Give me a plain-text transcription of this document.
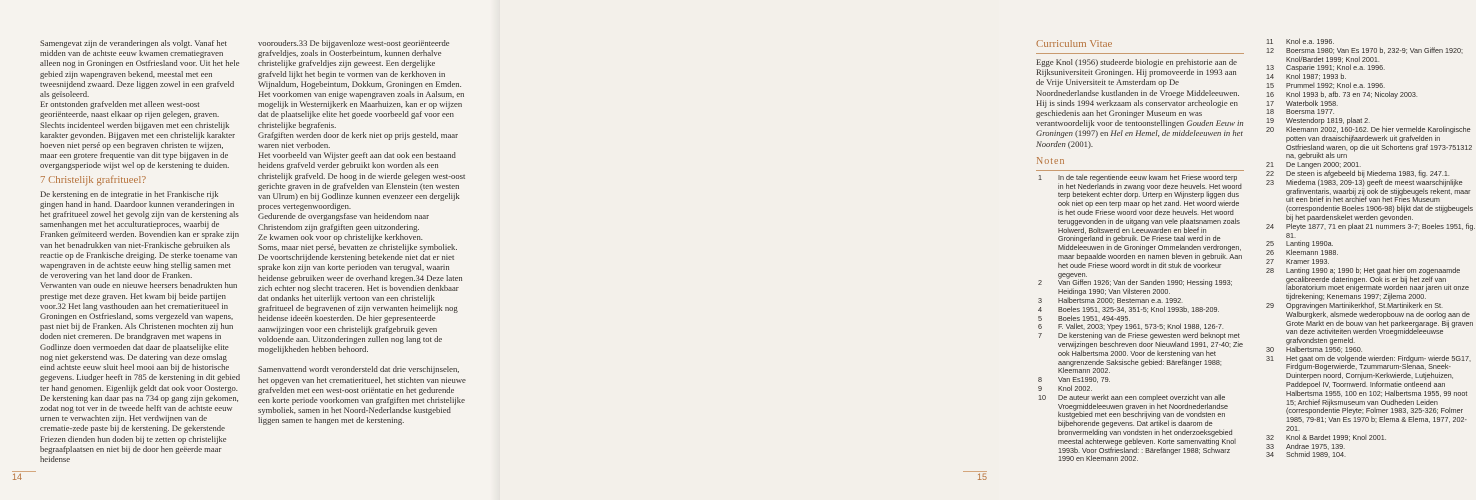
Samengevat zijn de veranderingen als volgt. Vanaf het midden van de achtste eeuw kwamen crematiegraven alleen nog in Groningen en Ostfriesland voor. Uit het hele gebied zijn wapengraven bekend, meestal met een tweesnijdend zwaard. Deze liggen zowel in een grafveld als geïsoleerd.

Er ontstonden grafvelden met alleen west-oost georiënteerde, naast elkaar op rijen gelegen, graven. Slechts incidenteel werden bijgaven met een christelijk karakter gevonden. Bijgaven met een christelijk karakter hoeven niet persé op een begraven christen te wijzen, maar een grotere frequentie van dit type bijgaven in de overgangsperiode wijst wel op de kerstening te duiden.

7 Christelijk grafritueel?

De kerstening en de integratie in het Frankische rijk gingen hand in hand. Daardoor kunnen veranderingen in het grafritueel zowel het gevolg zijn van de kerstening als samenhangen met het acculturatieproces, waarbij de Franken geïmiteerd werden. Bovendien kan er sprake zijn van het benadrukken van niet-Frankische gebruiken als reactie op de Frankische dreiging. De sterke toename van wapengraven in de achtste eeuw hing stellig samen met de verovering van het land door de Franken.

Verwanten van oude en nieuwe heersers benadrukten hun prestige met deze graven. Het kwam bij beide partijen voor.32 Het lang vasthouden aan het crematieritueel in Groningen en Ostfriesland, soms vergezeld van wapens, past niet bij de Franken. Als Christenen mochten zij hun doden niet cremeren. De brandgraven met wapens in Godlinze doen vermoeden dat daar de plaatselijke elite nog niet gekerstend was. De datering van deze omslag eind achtste eeuw sluit heel mooi aan bij de historische gegevens. Liudger heeft in 785 de kerstening in dit gebied ter hand genomen. Eigenlijk geldt dat ook voor Oostergo. De kerstening kan daar pas na 734 op gang zijn gekomen, zodat nog tot ver in de tweede helft van de achtste eeuw urnen te verwachten zijn. Het verdwijnen van de crematie-zede paste bij de kerstening. De gekerstende Friezen dienden hun doden bij te zetten op christelijke begraafplaatsen en niet bij de door hen geëerde maar heidense

voorouders.33 De bijgavenloze west-oost georiënteerde grafveldjes, zoals in Oosterbeintum, kunnen derhalve christelijke grafveldjes zijn geweest. Een dergelijke grafveld lijkt het begin te vormen van de kerkhoven in Wijnaldum, Hogebeintum, Dokkum, Groningen en Emden. Het voorkomen van enige wapengraven zoals in Aalsum, en mogelijk in Westernijkerk en Maarhuizen, kan er op wijzen dat de plaatselijke elite het goede voorbeeld gaf voor een christelijke begrafenis.

Grafgiften werden door de kerk niet op prijs gesteld, maar waren niet verboden.

Het voorbeeld van Wijster geeft aan dat ook een bestaand heidens grafveld verder gebruikt kon worden als een christelijk grafveld. De hoog in de wierde gelegen west-oost gerichte graven in de grafvelden van Elenstein (ten westen van Ulrum) en bij Godlinze kunnen evenzeer een dergelijk proces vertegenwoordigen.

Gedurende de overgangsfase van heidendom naar Christendom zijn grafgiften geen uitzondering.

Ze kwamen ook voor op christelijke kerkhoven.

Soms, maar niet persé, bevatten ze christelijke symboliek. De voortschrijdende kerstening betekende niet dat er niet sprake kon zijn van korte perioden van terugval, waarin heidense gebruiken weer de overhand kregen.34 Deze laten zich echter nog slecht traceren. Het is bovendien denkbaar dat ondanks het uiterlijk vertoon van een christelijk grafritueel de begravenen of zijn verwanten heimelijk nog heidense ideeën koesterden. De hier gepresenteerde aanwijzingen voor een christelijk grafgebruik geven voldoende aan. Uitzonderingen zullen nog lang tot de mogelijkheden hebben behoord.

Samenvattend wordt verondersteld dat drie verschijnselen, het opgeven van het crematieritueel, het stichten van nieuwe grafvelden met een west-oost oriëntatie en het gedurende een korte periode voorkomen van grafgiften met christelijke symboliek, samen in het Noord-Nederlandse kustgebied liggen samen te hangen met de kerstening.

14
Curriculum Vitae

Egge Knol (1956) studeerde biologie en prehistorie aan de Rijksuniversiteit Groningen. Hij promoveerde in 1993 aan de Vrije Universiteit te Amsterdam op De Noordnederlandse kustlanden in de Vroege Middeleeuwen. Hij is sinds 1994 werkzaam als conservator archeologie en geschiedenis aan het Groninger Museum en was verantwoordelijk voor de tentoonstellingen Gouden Eeuw in Groningen (1997) en Hel en Hemel, de middeleeuwen in het Noorden (2001).

Noten
1	In de tale regentiende eeuw kwam het Friese woord terp in het Nederlands in zwang voor deze heuvels. Het woord terp betekent echter dorp. Urterp en Wijnsterp liggen dus ook niet op een terp maar op het zand. Het woord wierde is het oude Friese woord voor deze heuvels. Het woord teruggevonden in de uitgang van vele plaatsnamen zoals Holwerd, Boltswerd en Leeuwarden en bleef in Groningerland in gebruik. De Friese taal werd in de Middeleeuwen in de Groninger Ommelanden verdrongen, maar bepaalde woorden en namen bleven in gebruik. Aan het oude Friese woord wordt in dit stuk de voorkeur gegeven.
2	Van Giffen 1926; Van der Sanden 1990; Hessing 1993; Heidinga 1990; Van Vilsteren 2000.
3	Halbertsma 2000; Besteman e.a. 1992.
4	Boeles 1951, 325-34, 351-5; Knol 1993b, 188-209.
5	Boeles 1951, 494-495.
6	F. Vallet, 2003; Ypey 1961, 573-5; Knol 1988, 126-7.
7	De kerstening van de Friese gewesten werd beknopt met verwijzingen beschreven door Nieuwland 1991, 27-40; Zie ook Halbertsma 2000. Voor de kerstening van het aangrenzende Saksische gebied: Bärefänger 1988; Kleemann 2002.
8	Van Es1990, 79.
9	Knol 2002.
10	De auteur werkt aan een compleet overzicht van alle Vroegmiddeleeuwen graven in het Noordnederlandse kustgebied met een beschrijving van de vondsten en bijbehorende gegevens. Dat artikel is daarom de bronvermelding van vondsten in het onderzoeksgebied meestal achterwege gebleven. Korte samenvatting Knol 1993b. Voor Ostfriesland: : Bärefänger 1988; Schwarz 1990 en Kleemann 2002.
11	Knol e.a. 1996.
12	Boersma 1980; Van Es 1970 b, 232-9; Van Giffen 1920; Knol/Bardet 1999; Knol 2001.
13	Casparie 1991; Knol e.a. 1996.
14	Knol 1987; 1993 b.
15	Prummel 1992; Knol e.a. 1996.
16	Knol 1993 b, afb. 73 en 74; Nicolay 2003.
17	Waterbolk 1958.
18	Boersma 1977.
19	Westendorp 1819, plaat 2.
20	Kleemann 2002, 160-162. De hier vermelde Karolingische potten van draaischijfaardewerk uit grafvelden in Ostfriesland waren, op die uit Schortens graf 1973-751312 na, gebruikt als urn
21	De Langen 2000; 2001.
22	De steen is afgebeeld bij Miedema 1983, fig. 247.1.
23	Miedema (1983, 209-13) geeft de meest waarschijnlijke grafinventaris, waarbij zij ook de stijgbeugels rekent, maar uit een brief in het archief van het Fries Museum (correspondentie Boeles 1906-98) blijkt dat de stijgbeugels bij het paardenskelet werden gevonden.
24	Pleyte 1877, 71 en plaat 21 nummers 3-7; Boeles 1951, fig. 81.
25	Lanting 1990a.
26	Kleemann 1988.
27	Kramer 1993.
28	Lanting 1990 a; 1990 b; Het gaat hier om zogenaamde gecalibreerde dateringen. Ook is er bij het zelf van laboratorium moet enigermate worden naar jaren uit onze tijdrekening; Kenemans 1997; Zijlema 2000.
29	Opgravingen Martinikerkhof, St.Martinikerk en St. Walburgkerk, alsmede wederopbouw na de oorlog aan de Grote Markt en de bouw van het parkeergarage. Bij graven van deze activiteiten werden Vroegmiddeleeuwse grafvondsten gemeld.
30	Halbertsma 1956; 1960.
31	Het gaat om de volgende wierden: Firdgum- wierde 5G17, Firdgum-Bogerwierde, Tzummarum-Slenaa, Sneek-Duinterpen noord, Cornjum-Kerkwierde, Lutjehuizen, Paddepoel IV, Toornwerd. Informatie ontleend aan Halbertsma 1955, 100 en 102; Halbertsma 1955, 99 noot 15; Archief Rijksmuseum van Oudheden Leiden (correspondentie Pleyte; Folmer 1983, 325-326; Folmer 1985, 79-81; Van Es 1970 b; Elema & Elema, 1977, 202-201.
32	Knol & Bardet 1999; Knol 2001.
33	Andrae 1975, 139.
34	Schmid 1989, 104.
15
